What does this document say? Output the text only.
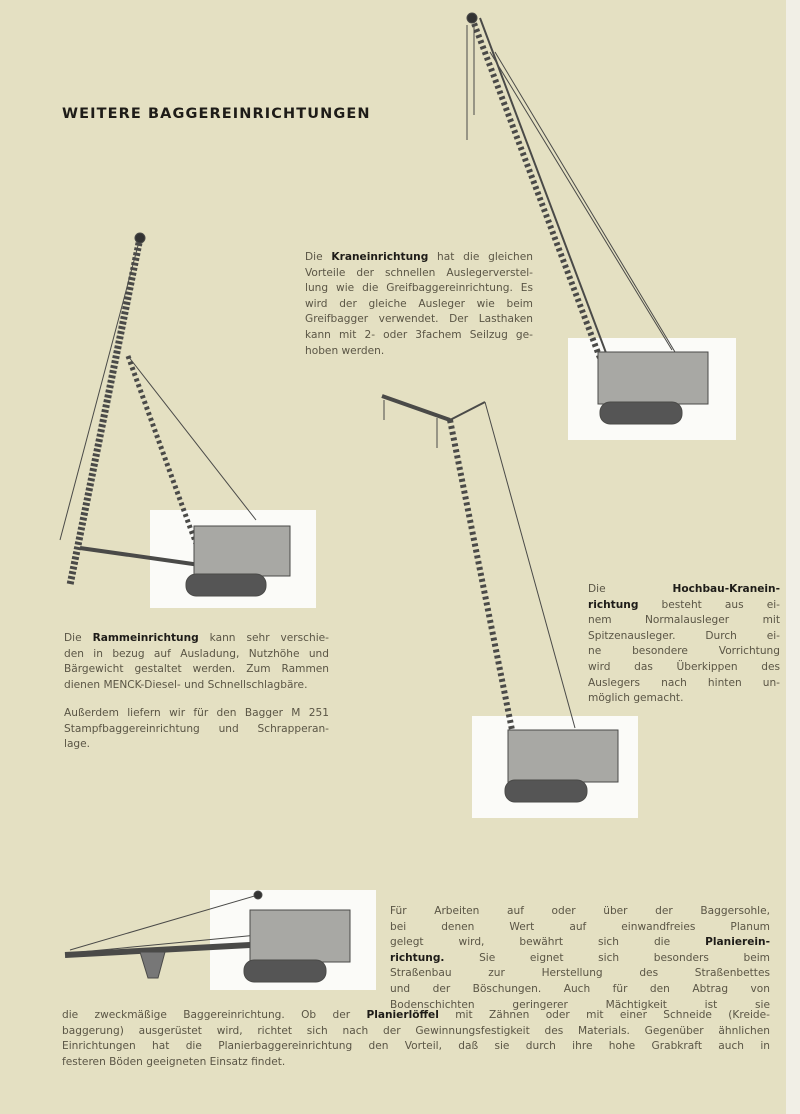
WEITERE BAGGEREINRICHTUNGEN
Die Kraneinrichtung hat die gleichen
Vorteile der schnellen Auslegerverstel-
lung wie die Greifbaggereinrichtung. Es
wird der gleiche Ausleger wie beim
Greifbagger verwendet. Der Lasthaken
kann mit 2- oder 3fachem Seilzug ge-
hoben werden.
Die Hochbau-Kranein-
richtung besteht aus ei-
nem Normalausleger mit
Spitzenausleger. Durch ei-
ne besondere Vorrichtung
wird das Überkippen des
Auslegers nach hinten un-
möglich gemacht.
Die Rammeinrichtung kann sehr verschie-
den in bezug auf Ausladung, Nutzhöhe und
Bärgewicht gestaltet werden. Zum Rammen
dienen MENCK-Diesel- und Schnellschlagbäre.
Außerdem liefern wir für den Bagger M 251
Stampfbaggereinrichtung und Schrapperan-
lage.
Für Arbeiten auf oder über der Baggersohle,
bei denen Wert auf einwandfreies Planum
gelegt wird, bewährt sich die Planierein-
richtung. Sie eignet sich besonders beim
Straßenbau zur Herstellung des Straßenbettes
und der Böschungen. Auch für den Abtrag von
Bodenschichten geringerer Mächtigkeit ist sie
die zweckmäßige Baggereinrichtung. Ob der Planierlöffel mit Zähnen oder mit einer Schneide (Kreide-
baggerung) ausgerüstet wird, richtet sich nach der Gewinnungsfestigkeit des Materials. Gegenüber ähnlichen
Einrichtungen hat die Planierbaggereinrichtung den Vorteil, daß sie durch ihre hohe Grabkraft auch in
festeren Böden geeigneten Einsatz findet.
